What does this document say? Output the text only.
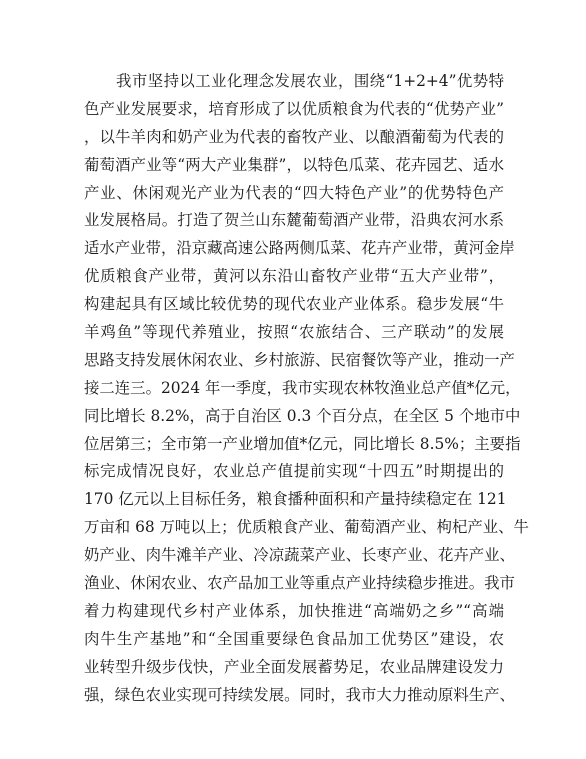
我市坚持以工业化理念发展农业，围绕“1+2+4”优势特
色产业发展要求，培育形成了以优质粮食为代表的“优势产业”
，以牛羊肉和奶产业为代表的畜牧产业、以酿酒葡萄为代表的
葡萄酒产业等“两大产业集群”，以特色瓜菜、花卉园艺、适水
产业、休闲观光产业为代表的“四大特色产业”的优势特色产
业发展格局。打造了贺兰山东麓葡萄酒产业带，沿典农河水系
适水产业带，沿京藏高速公路两侧瓜菜、花卉产业带，黄河金岸
优质粮食产业带，黄河以东沿山畜牧产业带“五大产业带”，
构建起具有区域比较优势的现代农业产业体系。稳步发展“牛
羊鸡鱼”等现代养殖业，按照“农旅结合、三产联动”的发展
思路支持发展休闲农业、乡村旅游、民宿餐饮等产业，推动一产
接二连三。2024 年一季度，我市实现农林牧渔业总产值*亿元，
同比增长 8.2%，高于自治区 0.3 个百分点，在全区 5 个地市中
位居第三；全市第一产业增加值*亿元，同比增长 8.5%；主要指
标完成情况良好，农业总产值提前实现“十四五”时期提出的
170 亿元以上目标任务，粮食播种面积和产量持续稳定在 121
万亩和 68 万吨以上；优质粮食产业、葡萄酒产业、枸杞产业、牛
奶产业、肉牛滩羊产业、冷凉蔬菜产业、长枣产业、花卉产业、
渔业、休闲农业、农产品加工业等重点产业持续稳步推进。我市
着力构建现代乡村产业体系，加快推进“高端奶之乡”“高端
肉牛生产基地”和“全国重要绿色食品加工优势区”建设，农
业转型升级步伐快，产业全面发展蓄势足，农业品牌建设发力
强，绿色农业实现可持续发展。同时，我市大力推动原料生产、
